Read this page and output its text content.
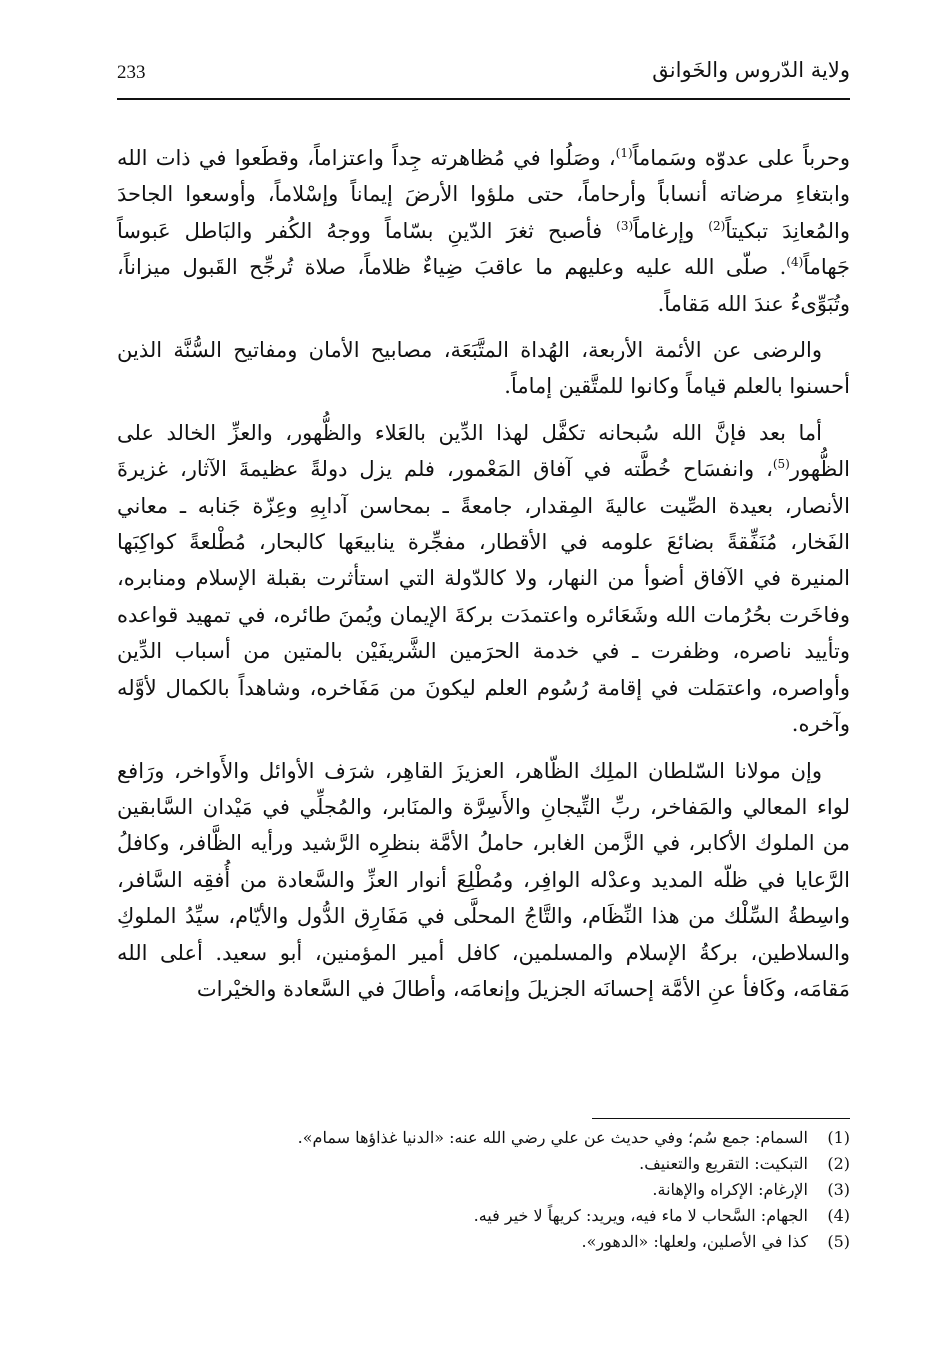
233	ولاية الدّروس والخَوانق

وحرباً على عدوّه وسَماماً$^{(1)}$، وصَلُوا في مُظاهرته جِداً واعتزاماً، وقطَعوا في ذات الله وابتغاءِ مرضاته أنساباً وأرحاماً، حتى ملؤوا الأرضَ إيماناً وإسْلاماً، وأوسعوا الجاحدَ والمُعانِدَ تبكيتاً$^{(2)}$ وإرغاماً$^{(3)}$ فأصبح ثغرَ الدّينِ بسّاماً ووجهُ الكُفر والبَاطل عَبوساً جَهاماً$^{(4)}$. صلّى الله عليه وعليهم ما عاقبَ ضِياءٌ ظلاماً، صلاة تُرجِّح القَبول ميزاناً، وتُبَوِّىءُ عندَ الله مَقاماً.

والرضى عن الأئمة الأربعة، الهُداة المتَّبَعَة، مصابيح الأمان ومفاتيح السُّنَّة الذين أحسنوا بالعلم قياماً وكانوا للمتَّقين إماماً.

أما بعد فإنَّ الله سُبحانه تكفَّل لهذا الدِّين بالعَلاء والظُّهور، والعزِّ الخالد على الظُّهور$^{(5)}$، وانفسَاح خُطَّته في آفاق المَعْمور، فلم يزل دولةً عظيمةَ الآثار، غزيرةَ الأنصار، بعيدة الصِّيت عاليةَ المِقدار، جامعةً ـ بمحاسن آدابِهِ وعِزّة جَنابه ـ معاني الفَخار، مُنَفِّقةً بضائعَ علومه في الأقطار، مفجِّرة ينابيعَها كالبحار، مُطْلعةً كواكِبَها المنيرة في الآفاق أضوأ من النهار، ولا كالدّولة التي استأثرت بقبلة الإسلام ومنابره، وفاخَرت بحُرُمات الله وشَعَائره واعتمدَت بركةَ الإيمان ويُمنَ طائره، في تمهيد قواعده وتأييد ناصره، وظفرت ـ في خدمة الحرَمين الشَّريفَيْن بالمتين من أسباب الدِّين وأواصره، واعتمَلت في إقامة رُسُوم العلم ليكونَ من مَفَاخره، وشاهداً بالكمال لأوَّله وآخره.

وإن مولانا السّلطان الملِك الظّاهر، العزيزَ القاهِر، شرَف الأوائل والأَواخر، ورَافع لواء المعالي والمَفاخر، ربِّ التِّيجانِ والأَسِرَّة والمنَابر، والمُجلِّي في مَيْدان السَّابقين من الملوك الأكابر، في الزَّمن الغابر، حاملُ الأمَّة بنظرِه الرَّشيد ورأيه الظَّافر، وكافلُ الرَّعايا في ظلّه المديد وعدْله الوافِر، ومُطْلِعَ أنوار العزِّ والسَّعادة من أُفقِه السَّافر، واسِطةُ السِّلْك من هذا النِّظَام، والتَّاجُ المحلَّى في مَفَارِق الدُّول والأيّام، سيِّدُ الملوكِ والسلاطين، بركةُ الإسلام والمسلمين، كافل أمير المؤمنين، أبو سعيد. أعلى الله مَقامَه، وكَافأ عنِ الأمَّة إحسانَه الجزيلَ وإنعامَه، وأطالَ في السَّعادة والخيْرات

(1)
السمام: جمع سُم؛ وفي حديث عن علي رضي الله عنه: «الدنيا غذاؤها سمام».
(2)
التبكيت: التقريع والتعنيف.
(3)
الإرغام: الإكراه والإهانة.
(4)
الجهام: السَّحاب لا ماء فيه، ويريد: كريهاً لا خير فيه.
(5)
كذا في الأصلين، ولعلها: «الدهور».
